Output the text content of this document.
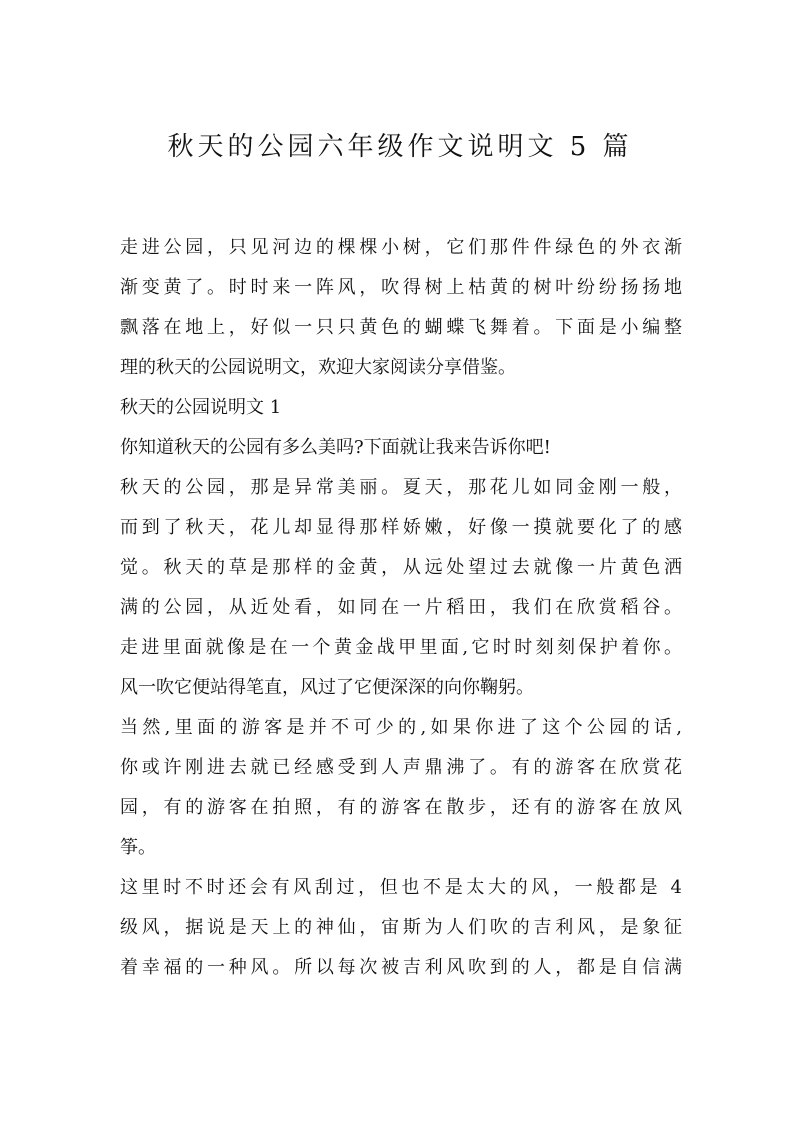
秋天的公园六年级作文说明文 5 篇
走进公园，只见河边的棵棵小树，它们那件件绿色的外衣渐
渐变黄了。时时来一阵风，吹得树上枯黄的树叶纷纷扬扬地
飘落在地上，好似一只只黄色的蝴蝶飞舞着。下面是小编整
理的秋天的公园说明文，欢迎大家阅读分享借鉴。
秋天的公园说明文 1
你知道秋天的公园有多么美吗?下面就让我来告诉你吧!
秋天的公园，那是异常美丽。夏天，那花儿如同金刚一般，
而到了秋天，花儿却显得那样娇嫩，好像一摸就要化了的感
觉。秋天的草是那样的金黄，从远处望过去就像一片黄色洒
满的公园，从近处看，如同在一片稻田，我们在欣赏稻谷。
走进里面就像是在一个黄金战甲里面,它时时刻刻保护着你。
风一吹它便站得笔直，风过了它便深深的向你鞠躬。
当然,里面的游客是并不可少的,如果你进了这个公园的话,
你或许刚进去就已经感受到人声鼎沸了。有的游客在欣赏花
园，有的游客在拍照，有的游客在散步，还有的游客在放风
筝。
这里时不时还会有风刮过，但也不是太大的风，一般都是 4
级风，据说是天上的神仙，宙斯为人们吹的吉利风，是象征
着幸福的一种风。所以每次被吉利风吹到的人，都是自信满
